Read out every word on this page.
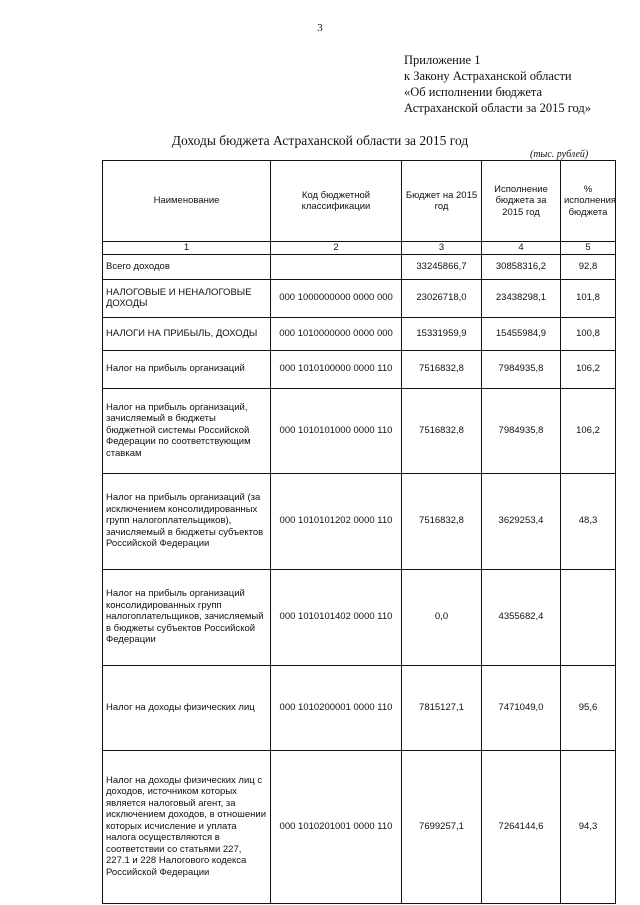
3
Приложение 1
к Закону Астраханской области
«Об исполнении бюджета
Астраханской области за 2015 год»
Доходы бюджета Астраханской области за 2015 год
(тыс. рублей)
Наименование	Код бюджетной классификации	Бюджет на 2015 год	Исполнение бюджета за 2015 год	% исполнения бюджета
1	2	3	4	5
Всего доходов		33245866,7	30858316,2	92,8
НАЛОГОВЫЕ И НЕНАЛОГОВЫЕ ДОХОДЫ	000 1000000000 0000 000	23026718,0	23438298,1	101,8
НАЛОГИ НА ПРИБЫЛЬ, ДОХОДЫ	000 1010000000 0000 000	15331959,9	15455984,9	100,8
Налог на прибыль организаций	000 1010100000 0000 110	7516832,8	7984935,8	106,2
Налог на прибыль организаций, зачисляемый в бюджеты бюджетной системы Российской Федерации по соответствующим ставкам	000 1010101000 0000 110	7516832,8	7984935,8	106,2
Налог на прибыль организаций (за исключением консолидированных групп налогоплательщиков), зачисляемый в бюджеты субъектов Российской Федерации	000 1010101202 0000 110	7516832,8	3629253,4	48,3
Налог на прибыль организаций консолидированных групп налогоплательщиков, зачисляемый в бюджеты субъектов Российской Федерации	000 1010101402 0000 110	0,0	4355682,4	
Налог на доходы физических лиц	000 1010200001 0000 110	7815127,1	7471049,0	95,6
Налог на доходы физических лиц с доходов, источником которых является налоговый агент, за исключением доходов, в отношении которых исчисление и уплата налога осуществляются в соответствии со статьями 227, 227.1 и 228 Налогового кодекса Российской Федерации	000 1010201001 0000 110	7699257,1	7264144,6	94,3
